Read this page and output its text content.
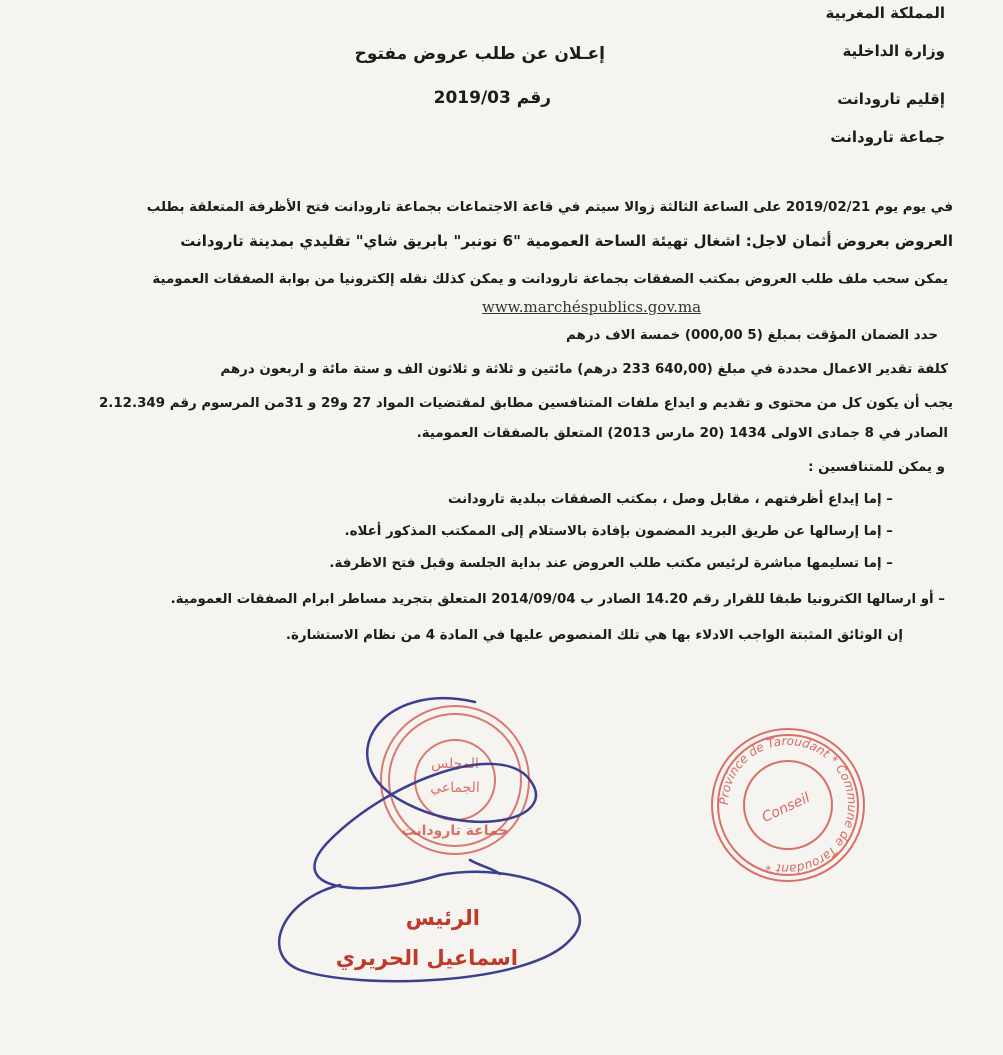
المملكة المغربية
وزارة الداخلية
إقليم تارودانت
جماعة تارودانت
إعـلان عن طلب عروض مفتوح
رقم 2019/03
في يوم يوم 2019/02/21 على الساعة الثالثة زوالا سيتم في قاعة الاجتماعات بجماعة تارودانت فتح الأظرفة المتعلقة بطلب
العروض بعروض أثمان لاجل: اشغال تهيئة الساحة العمومية "6 نونبر" بابريق شاي" تقليدي بمدينة تارودانت
يمكن سحب ملف طلب العروض بمكتب الصفقات بجماعة تارودانت و يمكن كذلك نقله إلكترونيا من بوابة الصفقات العمومية
www.marchéspublics.gov.ma
حدد الضمان المؤقت بمبلغ (5 000,00) خمسة الاف درهم
كلفة تقدير الاعمال محددة في مبلغ (640,00 233 درهم) مائتين و ثلاثة و ثلاثون الف و ستة مائة و اربعون درهم
يجب أن يكون كل من محتوى و تقديم و ايداع ملفات المتنافسين مطابق لمقتضيات المواد 27 و29 و 31من المرسوم رقم 2.12.349
الصادر في 8 جمادى الاولى 1434 (20 مارس 2013) المتعلق بالصفقات العمومية.
و يمكن للمتنافسين :
– إما إيداع أظرفتهم ، مقابل وصل ، بمكتب الصفقات ببلدية تارودانت
– إما إرسالها عن طريق البريد المضمون بإفادة بالاستلام إلى الممكتب المذكور أعلاه.
– إما تسليمها مباشرة لرئيس مكتب طلب العروض عند بداية الجلسة وقبل فتح الاظرفة.
– أو ارسالها الكترونيا طبقا للقرار رقم 14.20 الصادر ب 2014/09/04 المتعلق بتجريد مساطر ابرام الصفقات العمومية.
إن الوثائق المثبتة الواجب الادلاء بها هي تلك المنصوص عليها في المادة 4 من نظام الاستشارة.
Province de Taroudant * Commune de Taroudant *
Conseil
المجلس
الجماعي
جماعة تارودانت
الرئيس
اسماعيل الحريري
